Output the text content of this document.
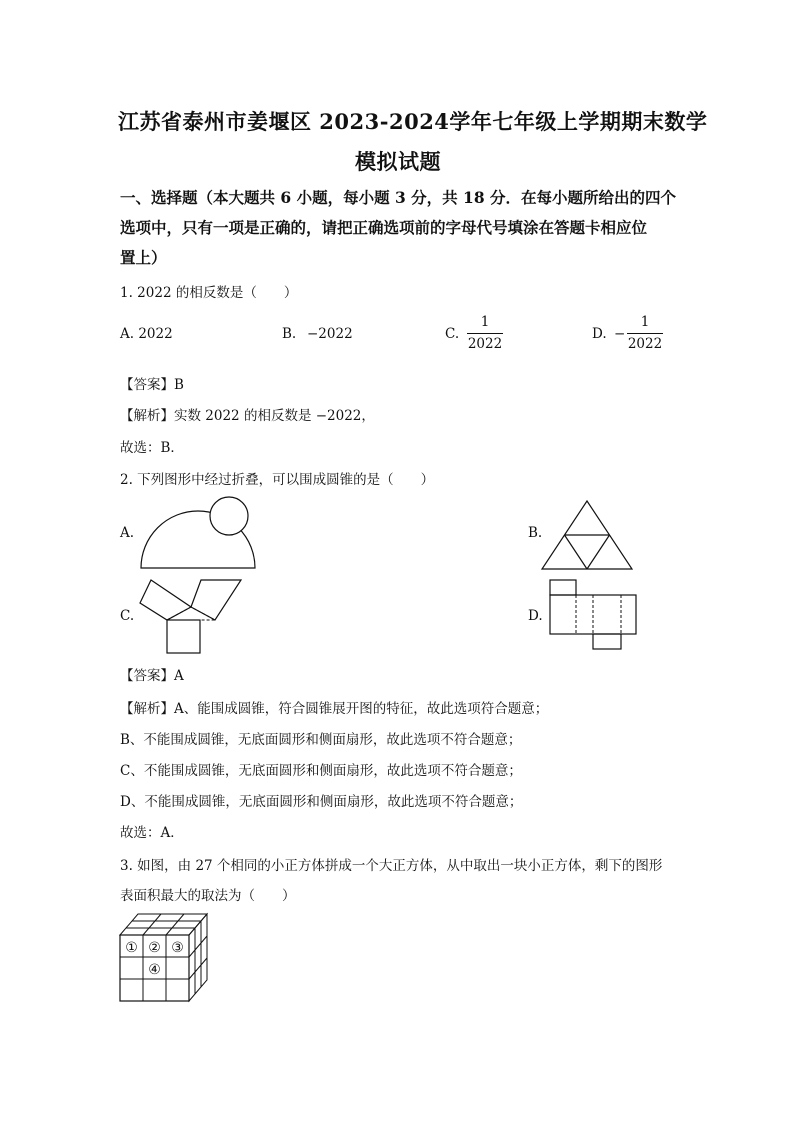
江苏省泰州市姜堰区 2023-2024学年七年级上学期期末数学
模拟试题
一、选择题（本大题共 6 小题，每小题 3 分，共 18 分．在每小题所给出的四个
选项中，只有一项是正确的，请把正确选项前的字母代号填涂在答题卡相应位
置上）
1. 2022 的相反数是（　　）
A. 2022	B. −2022	C.
1
2022
D. −
1
2022
【答案】B
【解析】实数 2022 的相反数是 −2022，
故选：B．
2. 下列图形中经过折叠，可以围成圆锥的是（　　）
A.	B.
C.	D.
【答案】A
【解析】A、能围成圆锥，符合圆锥展开图的特征，故此选项符合题意；
B、不能围成圆锥，无底面圆形和侧面扇形，故此选项不符合题意；
C、不能围成圆锥，无底面圆形和侧面扇形，故此选项不符合题意；
D、不能围成圆锥，无底面圆形和侧面扇形，故此选项不符合题意；
故选：A．
3. 如图，由 27 个相同的小正方体拼成一个大正方体，从中取出一块小正方体，剩下的图形
表面积最大的取法为（　　）
① ② ③
④
